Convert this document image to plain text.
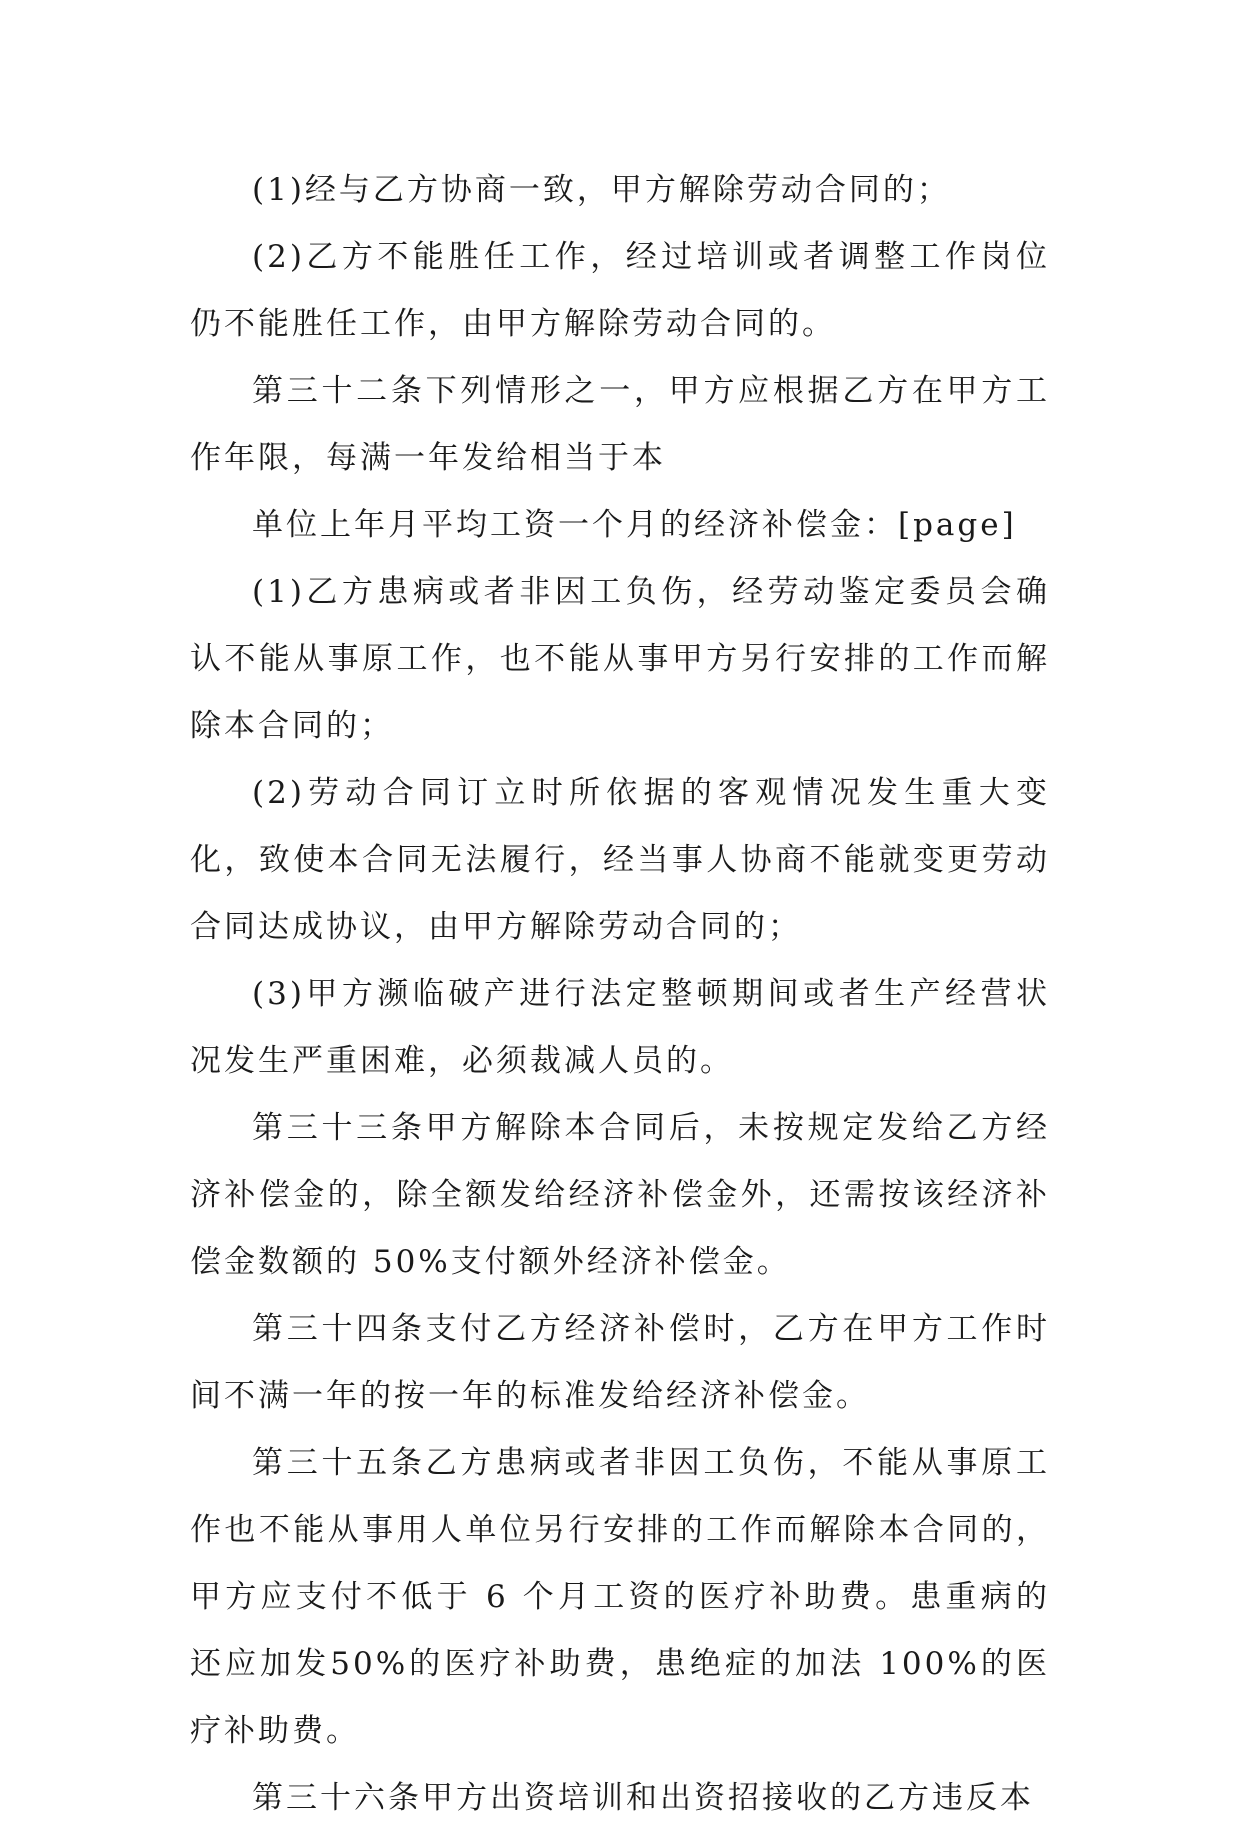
(1)经与乙方协商一致，甲方解除劳动合同的；

(2)乙方不能胜任工作，经过培训或者调整工作岗位仍不能胜任工作，由甲方解除劳动合同的。

第三十二条下列情形之一，甲方应根据乙方在甲方工作年限，每满一年发给相当于本

单位上年月平均工资一个月的经济补偿金：[page]

(1)乙方患病或者非因工负伤，经劳动鉴定委员会确认不能从事原工作，也不能从事甲方另行安排的工作而解除本合同的；

(2)劳动合同订立时所依据的客观情况发生重大变化，致使本合同无法履行，经当事人协商不能就变更劳动合同达成协议，由甲方解除劳动合同的；

(3)甲方濒临破产进行法定整顿期间或者生产经营状况发生严重困难，必须裁减人员的。

第三十三条甲方解除本合同后，未按规定发给乙方经济补偿金的，除全额发给经济补偿金外，还需按该经济补偿金数额的 50%支付额外经济补偿金。

第三十四条支付乙方经济补偿时，乙方在甲方工作时间不满一年的按一年的标准发给经济补偿金。

第三十五条乙方患病或者非因工负伤，不能从事原工作也不能从事用人单位另行安排的工作而解除本合同的，甲方应支付不低于 6 个月工资的医疗补助费。患重病的还应加发50%的医疗补助费，患绝症的加法 100%的医疗补助费。

第三十六条甲方出资培训和出资招接收的乙方违反本
